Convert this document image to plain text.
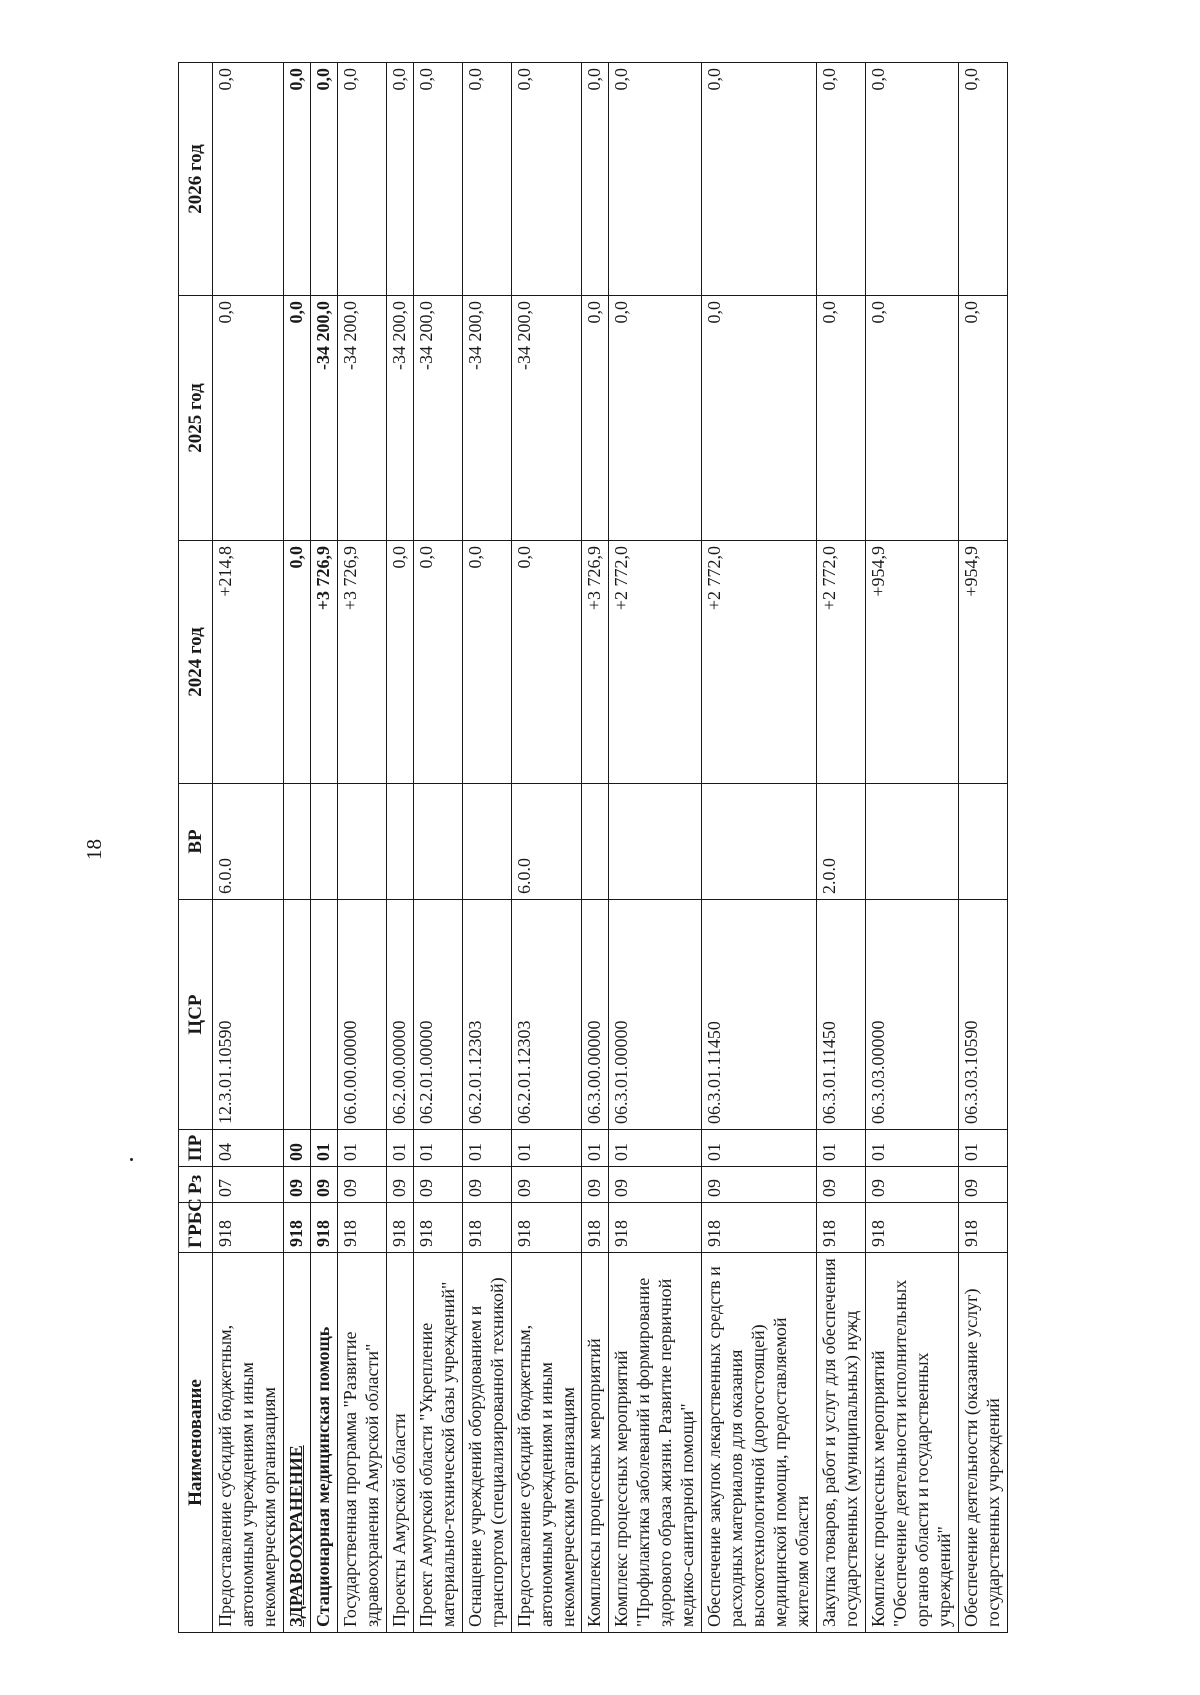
18
Наименование	ГРБС	Рз	ПР	ЦСР	ВР	2024 год	2025 год	2026 год
Предоставление субсидий бюджетным, автономным учреждениям и иным некоммерческим организациям	918	07	04	12.3.01.10590	6.0.0	+214,8	0,0	0,0
ЗДРАВООХРАНЕНИЕ	918	09	00			0,0	0,0	0,0
Стационарная медицинская помощь	918	09	01			+3 726,9	-34 200,0	0,0
Государственная программа "Развитие здравоохранения Амурской области"	918	09	01	06.0.00.00000		+3 726,9	-34 200,0	0,0
Проекты Амурской области	918	09	01	06.2.00.00000		0,0	-34 200,0	0,0
Проект Амурской области "Укрепление материально-технической базы учреждений"	918	09	01	06.2.01.00000		0,0	-34 200,0	0,0
Оснащение учреждений оборудованием и транспортом (специализированной техникой)	918	09	01	06.2.01.12303		0,0	-34 200,0	0,0
Предоставление субсидий бюджетным, автономным учреждениям и иным некоммерческим организациям	918	09	01	06.2.01.12303	6.0.0	0,0	-34 200,0	0,0
Комплексы процессных мероприятий	918	09	01	06.3.00.00000		+3 726,9	0,0	0,0
Комплекс процессных мероприятий "Профилактика заболеваний и формирование здорового образа жизни. Развитие первичной медико-санитарной помощи"	918	09	01	06.3.01.00000		+2 772,0	0,0	0,0
Обеспечение закупок лекарственных средств и расходных материалов для оказания высокотехнологичной (дорогостоящей) медицинской помощи, предоставляемой жителям области	918	09	01	06.3.01.11450		+2 772,0	0,0	0,0
Закупка товаров, работ и услуг для обеспечения государственных (муниципальных) нужд	918	09	01	06.3.01.11450	2.0.0	+2 772,0	0,0	0,0
Комплекс процессных мероприятий "Обеспечение деятельности исполнительных органов области и государственных учреждений"	918	09	01	06.3.03.00000		+954,9	0,0	0,0
Обеспечение деятельности (оказание услуг) государственных учреждений	918	09	01	06.3.03.10590		+954,9	0,0	0,0
